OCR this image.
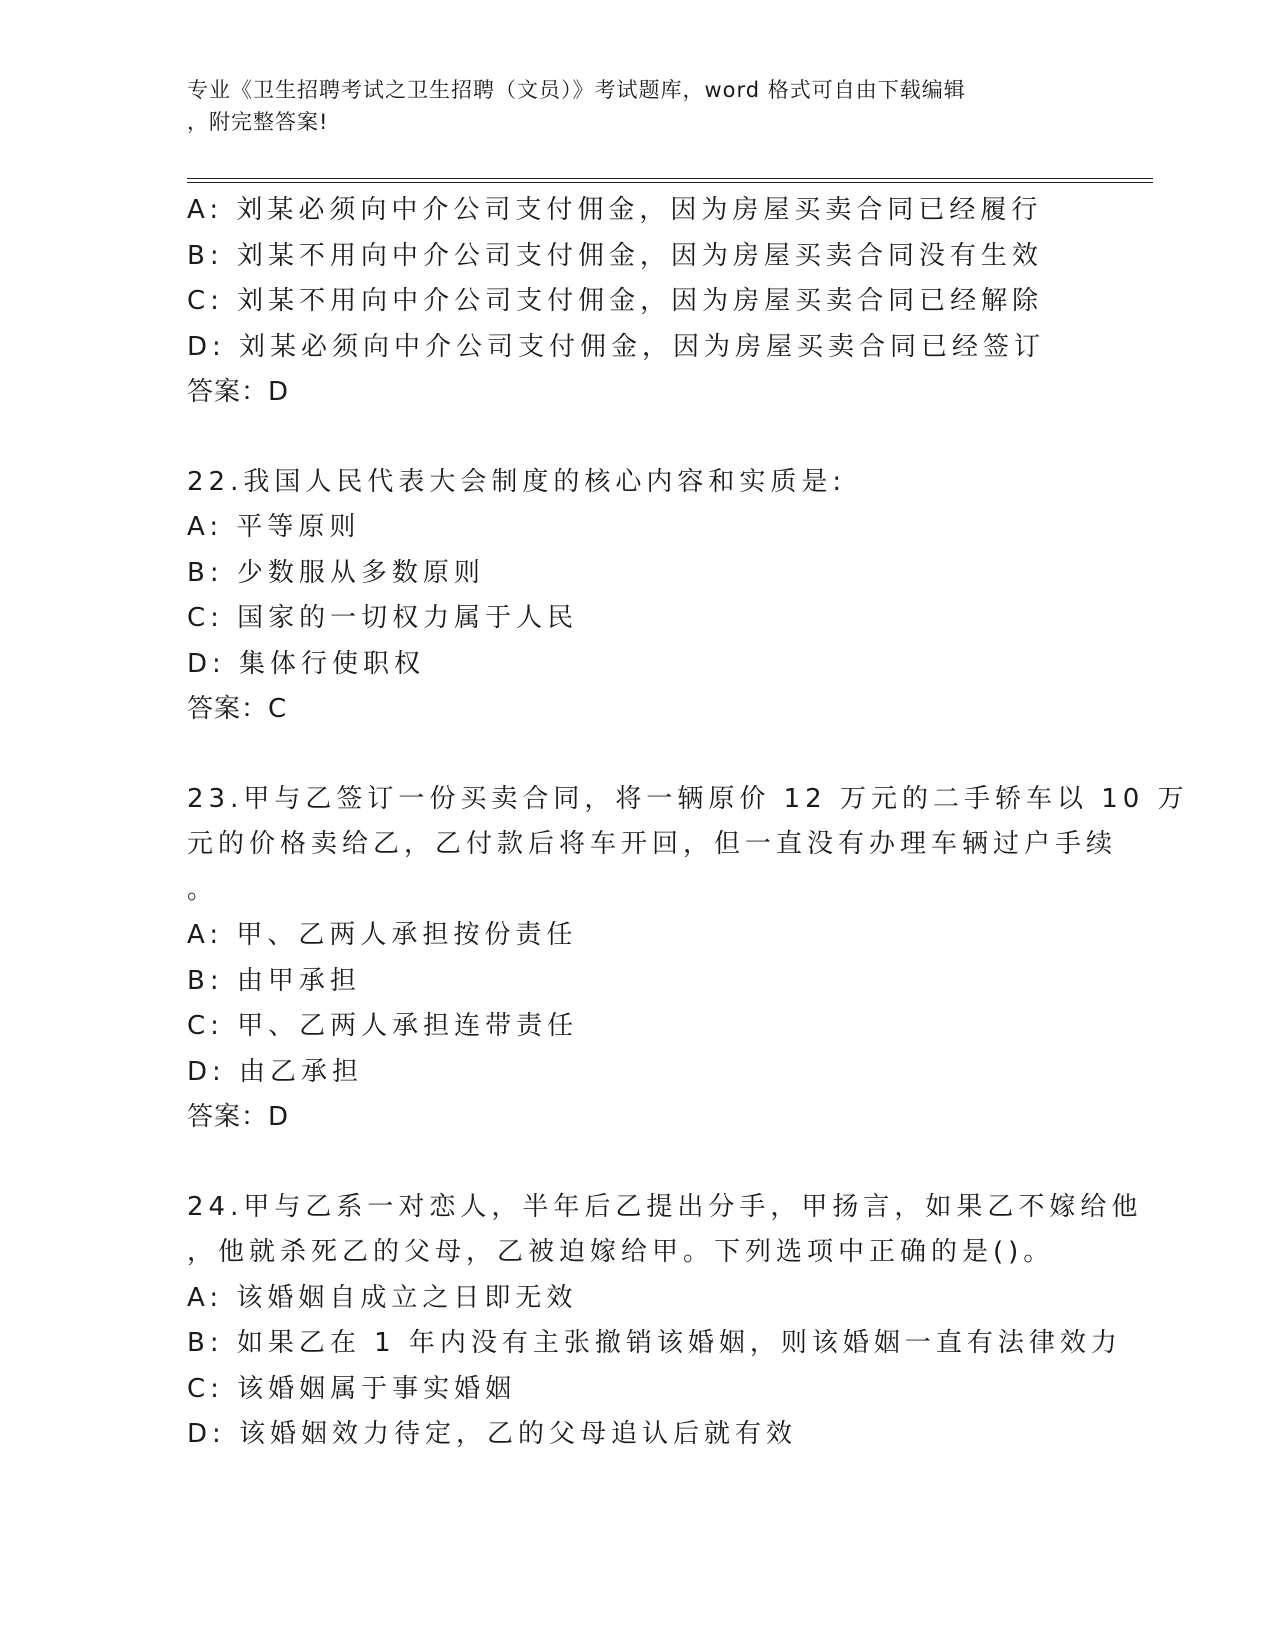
专业《卫生招聘考试之卫生招聘（文员）》考试题库，word 格式可自由下载编辑
，附完整答案!
A: 刘某必须向中介公司支付佣金，因为房屋买卖合同已经履行
B: 刘某不用向中介公司支付佣金，因为房屋买卖合同没有生效
C: 刘某不用向中介公司支付佣金，因为房屋买卖合同已经解除
D: 刘某必须向中介公司支付佣金，因为房屋买卖合同已经签订
答案：D
22.我国人民代表大会制度的核心内容和实质是:
A: 平等原则
B: 少数服从多数原则
C: 国家的一切权力属于人民
D: 集体行使职权
答案：C
23.甲与乙签订一份买卖合同，将一辆原价 12 万元的二手轿车以 10 万
元的价格卖给乙，乙付款后将车开回，但一直没有办理车辆过户手续
。
A: 甲、乙两人承担按份责任
B: 由甲承担
C: 甲、乙两人承担连带责任
D: 由乙承担
答案：D
24.甲与乙系一对恋人，半年后乙提出分手，甲扬言，如果乙不嫁给他
，他就杀死乙的父母，乙被迫嫁给甲。下列选项中正确的是()。
A: 该婚姻自成立之日即无效
B: 如果乙在 1 年内没有主张撤销该婚姻，则该婚姻一直有法律效力
C: 该婚姻属于事实婚姻
D: 该婚姻效力待定，乙的父母追认后就有效
